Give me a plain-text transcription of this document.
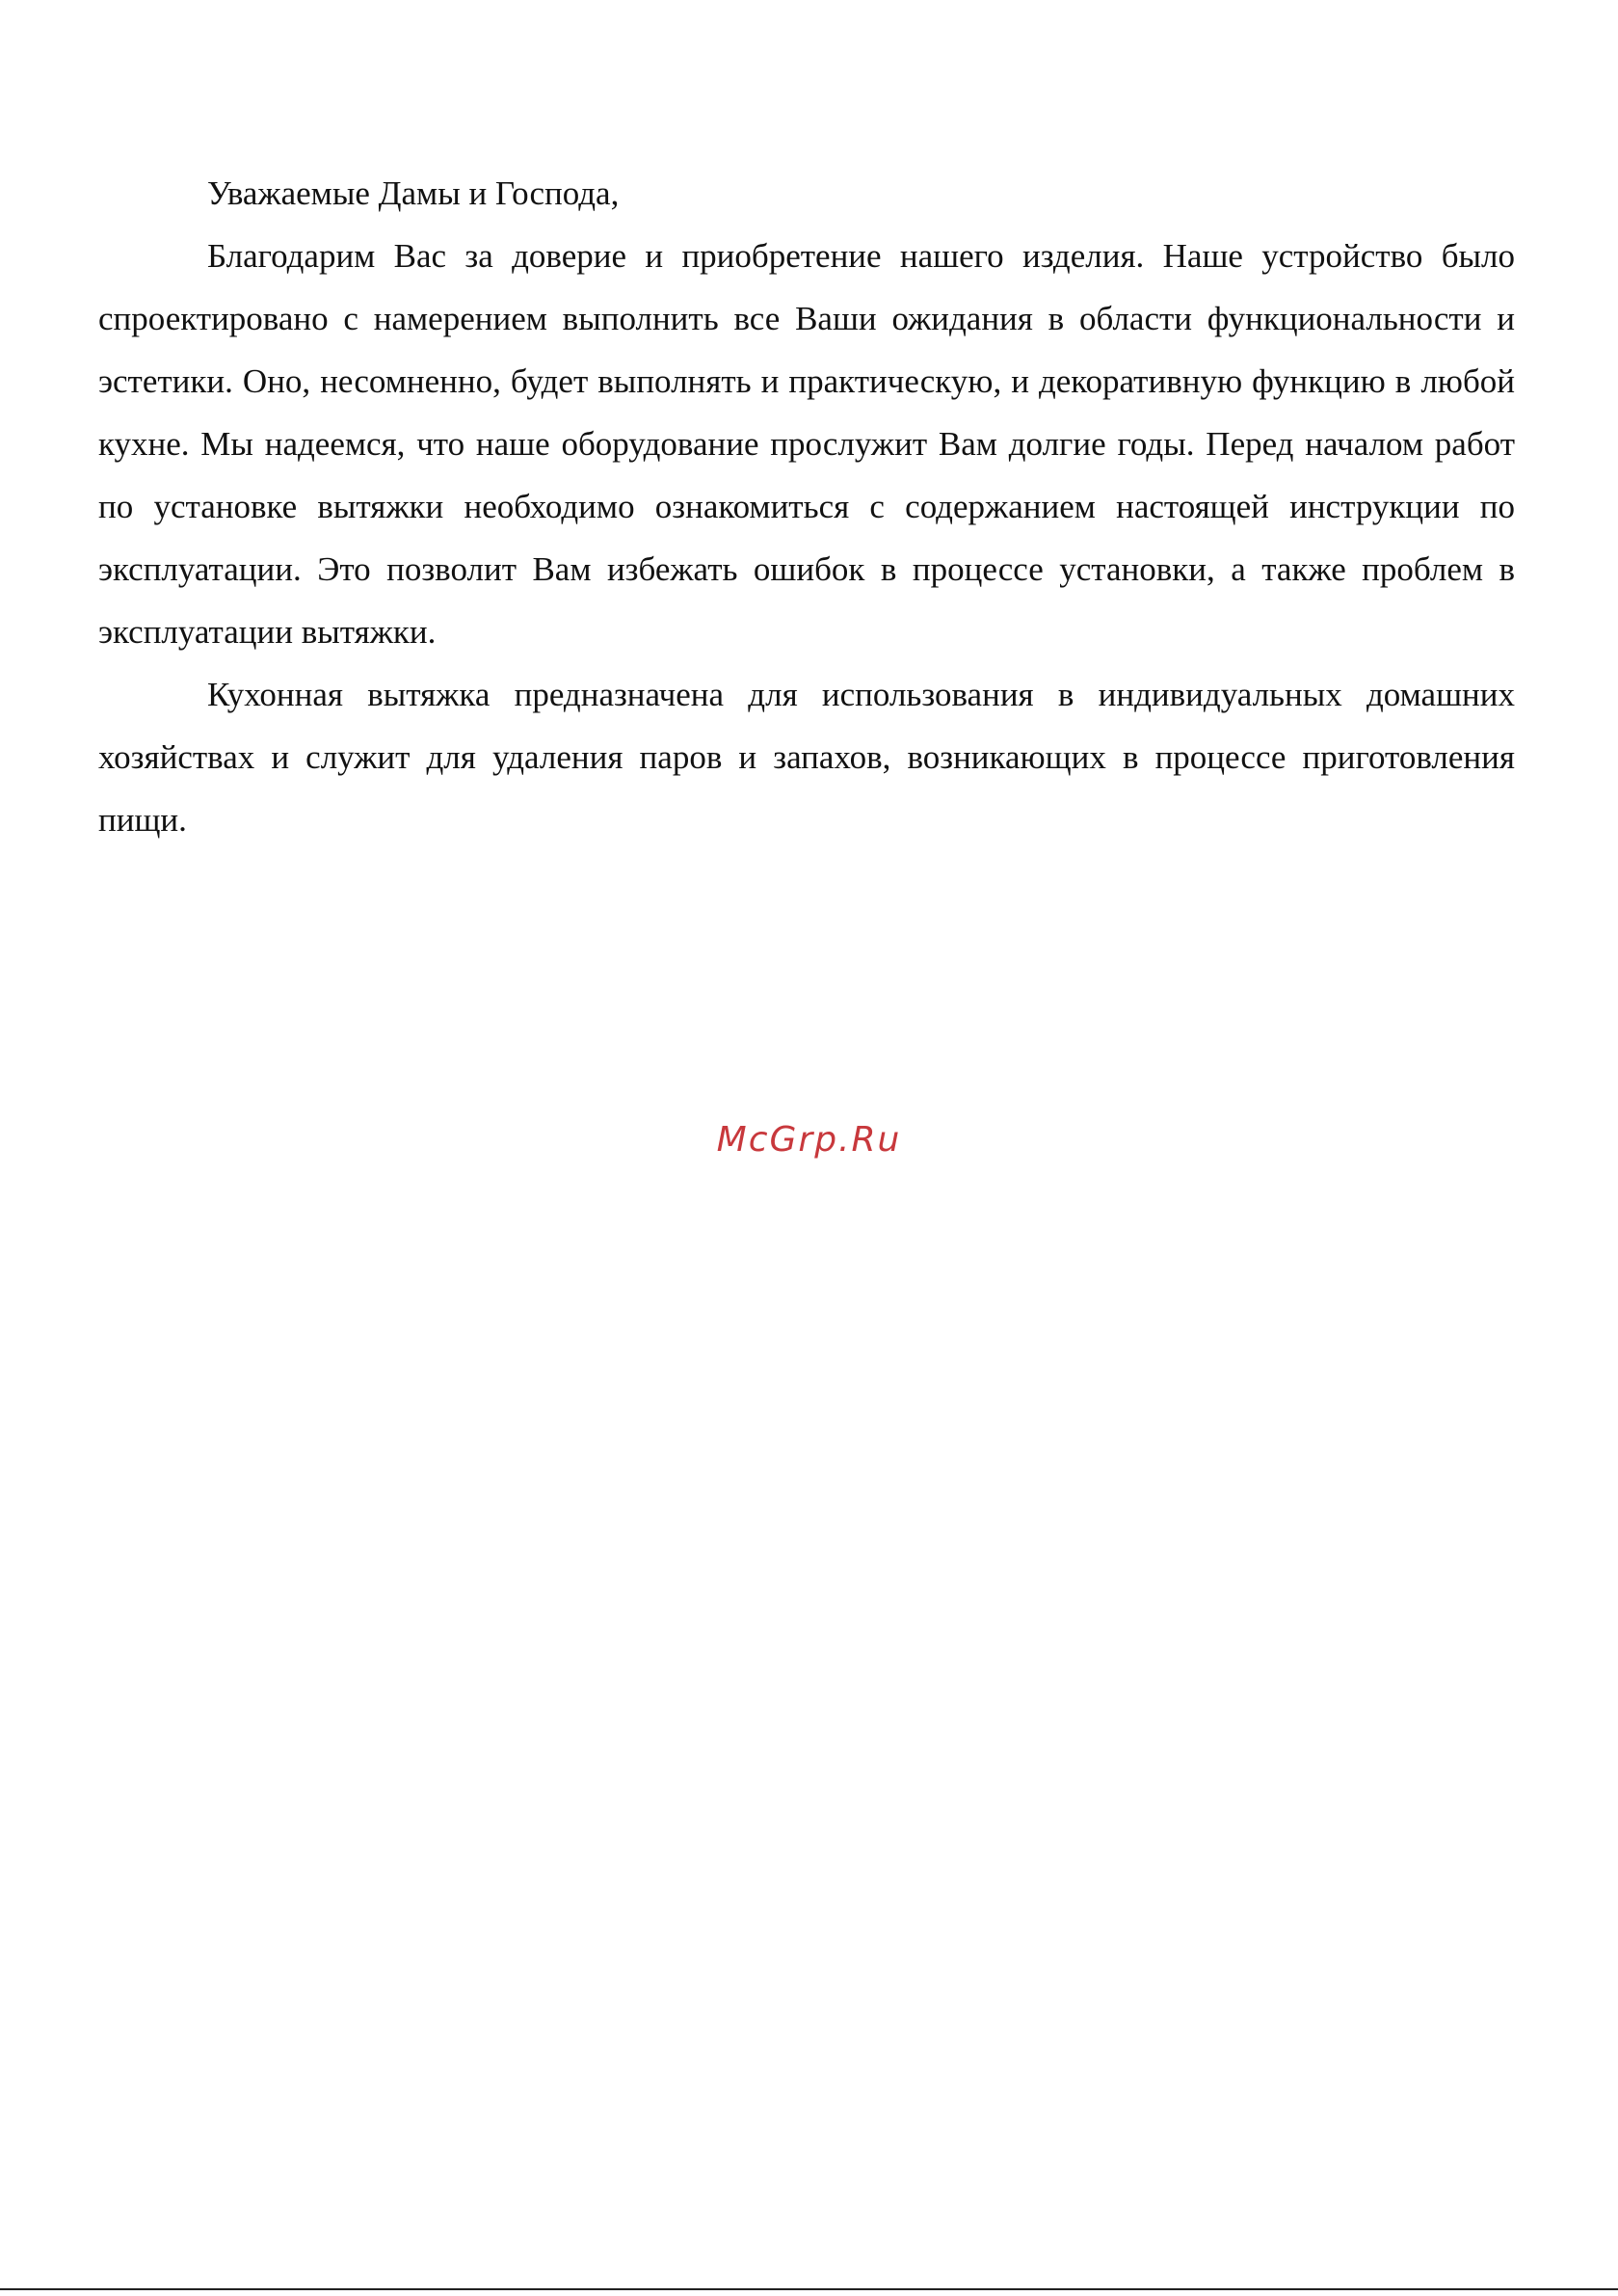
Уважаемые Дамы и Господа,

Благодарим Вас за доверие и приобретение нашего изделия. Наше устройство было спроектировано с намерением выполнить все Ваши ожидания в области функциональности и эстетики. Оно, несомненно, будет выполнять и практическую, и декоративную функцию в любой кухне. Мы надеемся, что наше оборудование прослужит Вам долгие годы. Перед началом работ по установке вытяжки необходимо ознакомиться с содержанием настоящей инструкции по эксплуатации. Это позволит Вам избежать ошибок в процессе установки, а также проблем в эксплуатации вытяжки.

Кухонная вытяжка предназначена для использования в индивидуальных домашних хозяйствах и служит для удаления паров и запахов, возникающих в процессе приготовления пищи.

McGrp.Ru
